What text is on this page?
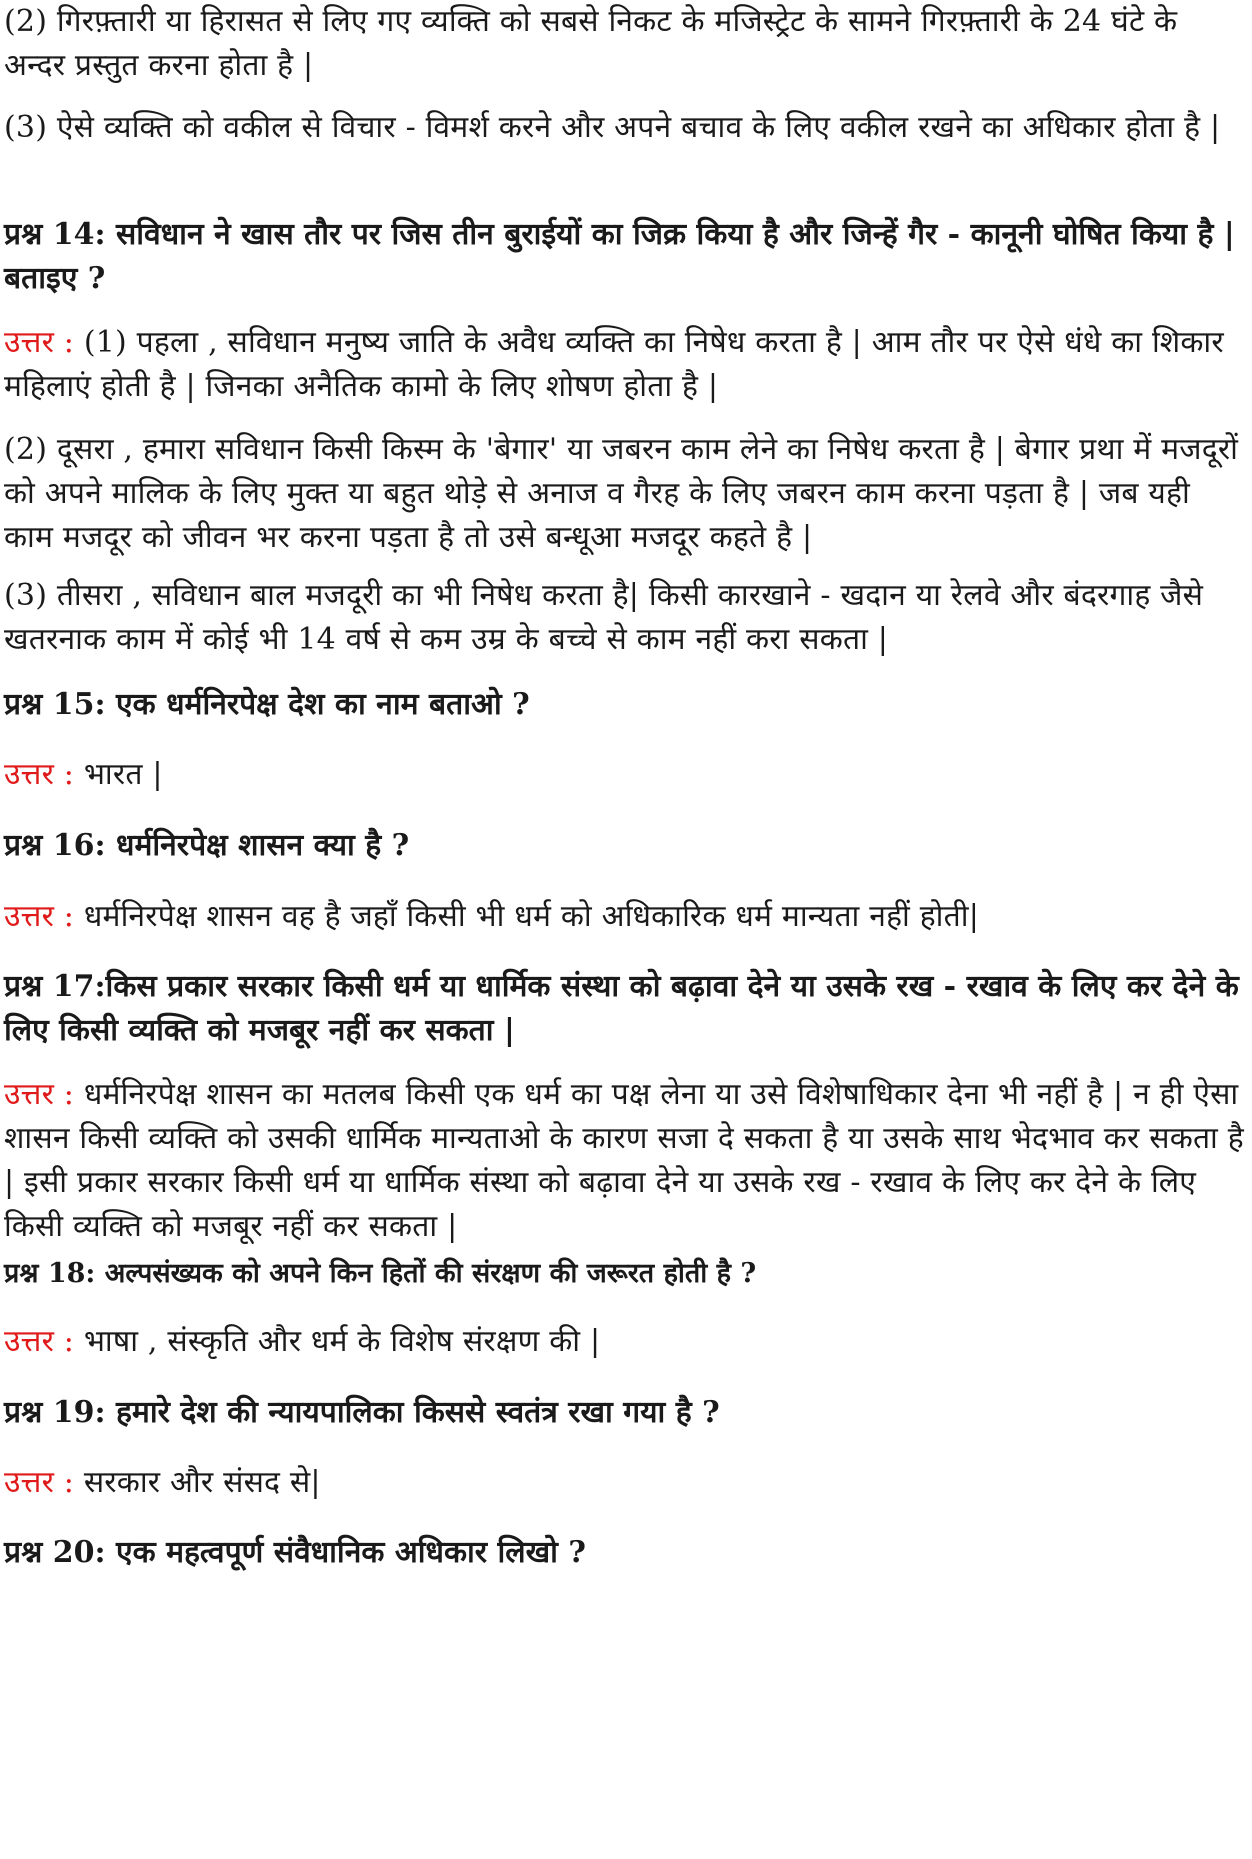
(2) गिरफ़्तारी या हिरासत से लिए गए व्यक्ति को सबसे निकट के मजिस्ट्रेट के सामने गिरफ़्तारी के 24 घंटे के अन्दर प्रस्तुत करना होता है |

(3) ऐसे व्यक्ति को वकील से विचार - विमर्श करने और अपने बचाव के लिए वकील रखने का अधिकार होता है |

प्रश्न 14: सविधान ने खास तौर पर जिस तीन बुराईयों का जिक्र किया है और जिन्हें गैर - कानूनी घोषित किया है | बताइए ?

उत्तर : (1) पहला , सविधान मनुष्य जाति के अवैध व्यक्ति का निषेध करता है | आम तौर पर ऐसे धंधे का शिकार महिलाएं होती है | जिनका अनैतिक कामो के लिए शोषण होता है |

(2) दूसरा , हमारा सविधान किसी किस्म के 'बेगार' या जबरन काम लेने का निषेध करता है | बेगार प्रथा में मजदूरों को अपने मालिक के लिए मुक्त या बहुत थोड़े से अनाज व गैरह के लिए जबरन काम करना पड़ता है | जब यही काम मजदूर को जीवन भर करना पड़ता है तो उसे बन्धूआ मजदूर कहते है |

(3) तीसरा , सविधान बाल मजदूरी का भी निषेध करता है| किसी कारखाने - खदान या रेलवे और बंदरगाह जैसे खतरनाक काम में कोई भी 14 वर्ष से कम उम्र के बच्चे से काम नहीं करा सकता |

प्रश्न 15: एक धर्मनिरपेक्ष देश का नाम बताओ ?

उत्तर : भारत |

प्रश्न 16: धर्मनिरपेक्ष शासन क्या है ?

उत्तर : धर्मनिरपेक्ष शासन वह है जहाँ किसी भी धर्म को अधिकारिक धर्म मान्यता नहीं होती|

प्रश्न 17:किस प्रकार सरकार किसी धर्म या धार्मिक संस्था को बढ़ावा देने या उसके रख - रखाव के लिए कर देने के लिए किसी व्यक्ति को मजबूर नहीं कर सकता |

उत्तर : धर्मनिरपेक्ष शासन का मतलब किसी एक धर्म का पक्ष लेना या उसे विशेषाधिकार देना भी नहीं है | न ही ऐसा शासन किसी व्यक्ति को उसकी धार्मिक मान्यताओ के कारण सजा दे सकता है या उसके साथ भेदभाव कर सकता है | इसी प्रकार सरकार किसी धर्म या धार्मिक संस्था को बढ़ावा देने या उसके रख - रखाव के लिए कर देने के लिए किसी व्यक्ति को मजबूर नहीं कर सकता |

प्रश्न 18: अल्पसंख्यक को अपने किन हितों की संरक्षण की जरूरत होती है ?

उत्तर : भाषा , संस्कृति और धर्म के विशेष संरक्षण की |

प्रश्न 19: हमारे देश की न्यायपालिका किससे स्वतंत्र रखा गया है ?

उत्तर : सरकार और संसद से|

प्रश्न 20: एक महत्वपूर्ण संवैधानिक अधिकार लिखो ?
